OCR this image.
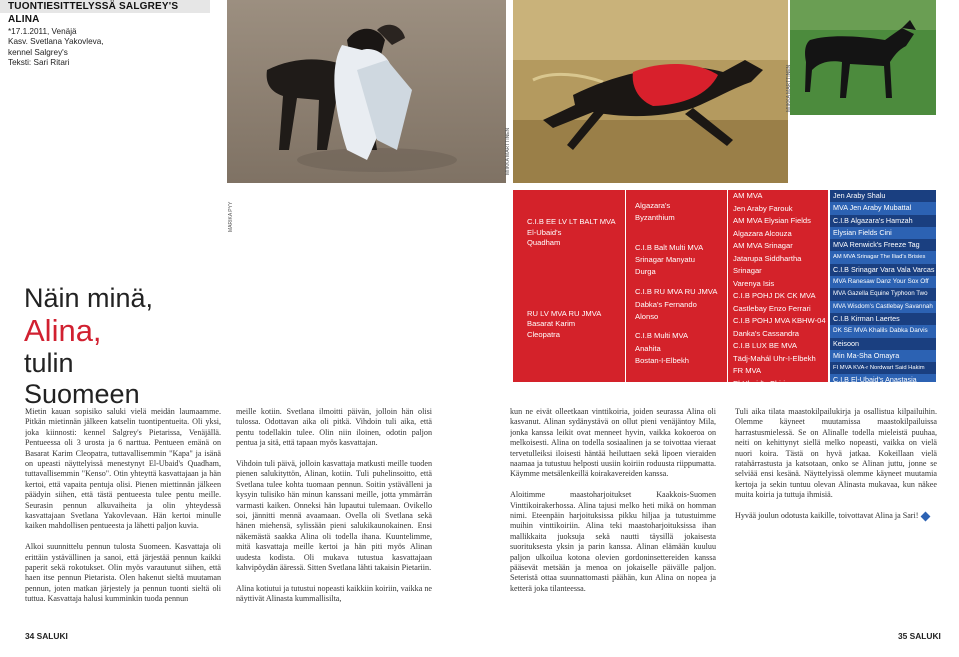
TUONTIESITTELYSSÄ SALGREY'S ALINA
*17.1.2011, Venäjä
Kasv. Svetlana Yakovleva,
kennel Salgrey's
Teksti: Sari Ritari
MARIKA PYY
MIIKKA MARTTINEN
MIIKKA MARTTINEN
Näin minä,
Alina,
tulin Suomeen
C.I.B EE LV LT BALT MVA
El-Ubaid's
Quadham
RU LV MVA RU JMVA
Basarat Karim
Cleopatra
Algazara's
Byzanthium
C.I.B Balt Multi MVA
Srinagar Manyatu
Durga
C.I.B RU MVA RU JMVA
Dabka's Fernando
Alonso
C.I.B Multi MVA
Anahita
Bostan-I-Elbekh
AM MVA
Jen Araby Farouk
AM MVA Elysian Fields
Algazara Alcouza
AM MVA Srinagar
Jatarupa Siddhartha
Srinagar
Varenya Isis
C.I.B POHJ DK CK MVA
Castlebay Enzo Ferrari
C.I.B POHJ MVA KBHW-04
Danka's Cassandra
C.I.B LUX BE MVA
Tädj-Mahál Uhr-I-Elbekh
FR MVA
El-Ubaid's Chirin
Jen Araby Shalu
MVA Jen Araby Mubattal
C.I.B Algazara's Hamzah
Elysian Fields Cini
MVA Renwick's Freeze Tag
AM MVA Srinagar The Iliad's Brisies
C.I.B Srinagar Vara Vala Varcas
MVA Ranesaw Danz Your Sox Off
MVA Gazella Equine Typhoon Two
MVA Wisdom's Castlebay Savannah
C.I.B Kirman Laertes
DK SE MVA Khalils Dabka Darvis
Keisoon
Min Ma-Sha Omayra
FI MVA KVA-r Nordwart Said Hakim
C.I.B El-Ubaid's Anastasia

Mietin kauan sopisiko saluki vielä meidän laumaamme. Pitkän mietinnän jälkeen katselin tuontipentueita. Oli yksi, joka kiinnosti: kennel Salgrey's Pietarissa, Venäjällä. Pentueessa oli 3 urosta ja 6 narttua. Pentueen emänä on Basarat Karim Cleopatra, tuttavallisemmin "Kapa" ja isänä on upeasti näyttelyissä menestynyt El-Ubaid's Quadham, tuttavallisemmin "Kenso". Otin yhteyttä kasvattajaan ja hän kertoi, että vapaita pentuja olisi. Pienen miettinnän jälkeen päädyin siihen, että tästä pentueesta tulee pentu meille. Seurasin pennun alkuvaiheita ja olin yhteydessä kasvattajaan Svetlana Yakovlevaan. Hän kertoi minulle kaiken mahdollisen pentueesta ja lähetti paljon kuvia.

Alkoi suunnittelu pennun tulosta Suomeen. Kasvattaja oli erittäin ystävällinen ja sanoi, että järjestää pennun kaikki paperit sekä rokotukset. Olin myös varautunut siihen, että haen itse pennun Pietarista. Olen hakenut sieltä muutaman pennun, joten matkan järjestely ja pennun tuonti sieltä oli tuttua. Kasvattaja halusi kumminkin tuoda pennun

meille kotiin. Svetlana ilmoitti päivän, jolloin hän olisi tulossa. Odottavan aika oli pitkä. Vihdoin tuli aika, että pentu todellakin tulee. Olin niin iloinen, odotin paljon pentua ja sitä, että tapaan myös kasvattajan.

Vihdoin tuli päivä, jolloin kasvattaja matkusti meille tuoden pienen salukityttön, Alinan, kotiin. Tuli puhelinsoitto, että Svetlana tulee kohta tuomaan pennun. Soitin ystävälleni ja kysyin tulisiko hän minun kanssani meille, jotta ymmärrän varmasti kaiken. Onneksi hän lupautui tulemaan. Ovikello soi, jännitti mennä avaamaan. Ovella oli Svetlana sekä hänen miehensä, sylissään pieni salukikaunokainen. Ensi näkemästä saakka Alina oli todella ihana. Kuuntelimme, mitä kasvattaja meille kertoi ja hän piti myös Alinan uudesta kodista. Oli mukava tutustua kasvattajaan kahvipöydän ääressä. Sitten Svetlana lähti takaisin Pietariin.

Alina kotiutui ja tutustui nopeasti kaikkiin koiriin, vaikka ne näyttivät Alinasta kummallisilta,

kun ne eivät olleetkaan vinttikoiria, joiden seurassa Alina oli kasvanut. Alinan sydänystävä on ollut pieni venäjäntoy Mila, jonka kanssa leikit ovat menneet hyvin, vaikka kokoeroa on melkoisesti. Alina on todella sosiaalinen ja se toivottaa vieraat tervetulleiksi iloisesti häntää heiluttaen sekä lipoen vieraiden naamaa ja tutustuu helposti uusiin koiriin roduusta riippumatta. Käymme metsälenkeillä koirakavereiden kanssa.

Aloitimme maastoharjoitukset Kaakkois-Suomen Vinttikoirakerhossa. Alina tajusi melko heti mikä on homman nimi. Eteenpäin harjoituksissa pikku hiljaa ja tutustuimme muihin vinttikoiriin. Alina teki maastoharjoituksissa ihan mallikkaita juoksuja sekä nautti täysillä jokaisesta suorituksesta yksin ja parin kanssa. Alinan elämään kuuluu paljon ulkoilua kotona olevien gordoninsettereiden kanssa pääsevät metsään ja menoa on jokaiselle päivälle paljon. Seteristä ottaa suunnattomasti päähän, kun Alina on nopea ja ketterä joka tilanteessa.

Tuli aika tilata maastokilpailukirja ja osallistua kilpailuihin. Olemme käyneet muutamissa maastokilpailuissa harrastusmielessä. Se on Alinalle todella mieleistä puuhaa, neiti on kehittynyt siellä melko nopeasti, vaikka on vielä nuori koira. Tästä on hyvä jatkaa. Kokeillaan vielä ratahärrastusta ja katsotaan, onko se Alinan juttu, jonne se selviää ensi kesänä. Näyttelyissä olemme käyneet muutamia kertoja ja sekin tuntuu olevan Alinasta mukavaa, kun näkee muita koiria ja tuttuja ihmisiä.

Hyvää joulun odotusta kaikille, toivottavat Alina ja Sari!

34 SALUKI	35 SALUKI
